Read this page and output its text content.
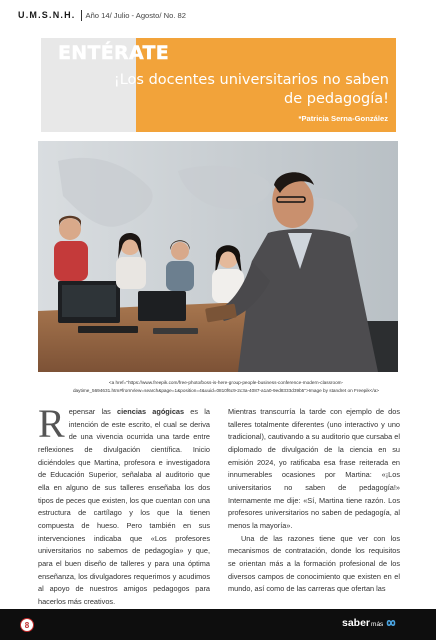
U.M.S.N.H. Año 14/ Julio - Agosto/ No. 82
ENTÉRATE
¡Los docentes universitarios no saben
de pedagogía!
*Patricia Serna-González
<a href="https://www.freepik.com/free-photo/boss-is-here-group-people-business-conference-modern-classroom-daytime_5694631.htm#fromView=search&page=1&position=4&uuid=0810f6c9-2c3a-4087-a1a0-9ed8333d39b5">Image by standret on Freepik</a>

Repensar las ciencias agógicas es la intención de este escrito, el cual se deriva de una vivencia ocurrida una tarde entre reflexiones de divulgación científica. Inicio diciéndoles que Martina, profesora e investigadora de Educación Superior, señalaba al auditorio que ella en alguno de sus talleres enseñaba los dos tipos de peces que existen, los que cuentan con una estructura de cartílago y los que la tienen compuesta de hueso. Pero también en sus intervenciones indicaba que «Los profesores universitarios no sabemos de pedagogía» y que, para el buen diseño de talleres y para una óptima enseñanza, los divulgadores requerimos y acudimos al apoyo de nuestros amigos pedagogos para hacerlos más creativos.

Mientras transcurría la tarde con ejemplo de dos talleres totalmente diferentes (uno interactivo y uno tradicional), cautivando a su auditorio que cursaba el diplomado de divulgación de la ciencia en su emisión 2024, yo ratificaba esa frase reiterada en innumerables ocasiones por Martina: «¡Los universitarios no saben de pedagogía!» Internamente me dije: «Sí, Martina tiene razón. Los profesores universitarios no saben de pedagogía, al menos la mayoría».

Una de las razones tiene que ver con los mecanismos de contratación, donde los requisitos se orientan más a la formación profesional de los diversos campos de conocimiento que existen en el mundo, así como de las carreras que ofertan las

8	saber más
